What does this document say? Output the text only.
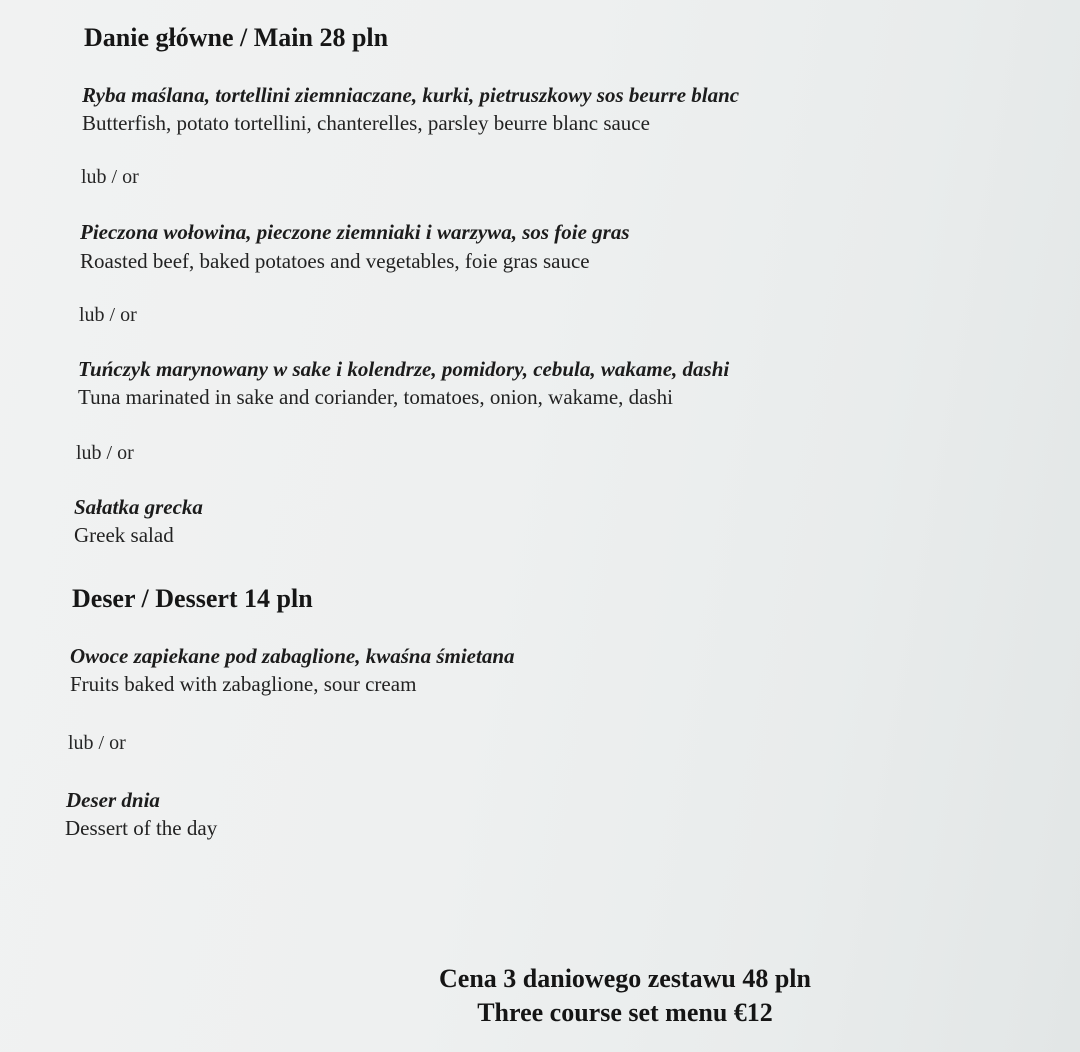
Danie główne / Main 28 pln
Ryba maślana, tortellini ziemniaczane, kurki, pietruszkowy sos beurre blanc
Butterfish, potato tortellini, chanterelles, parsley beurre blanc sauce
lub / or
Pieczona wołowina, pieczone ziemniaki i warzywa, sos foie gras
Roasted beef, baked potatoes and vegetables, foie gras sauce
lub / or
Tuńczyk marynowany w sake i kolendrze, pomidory, cebula, wakame, dashi
Tuna marinated in sake and coriander, tomatoes, onion, wakame, dashi
lub / or
Sałatka grecka
Greek salad
Deser / Dessert 14 pln
Owoce zapiekane pod zabaglione, kwaśna śmietana
Fruits baked with zabaglione, sour cream
lub / or
Deser dnia
Dessert of the day
Cena 3 daniowego zestawu 48 pln
Three course set menu €12
